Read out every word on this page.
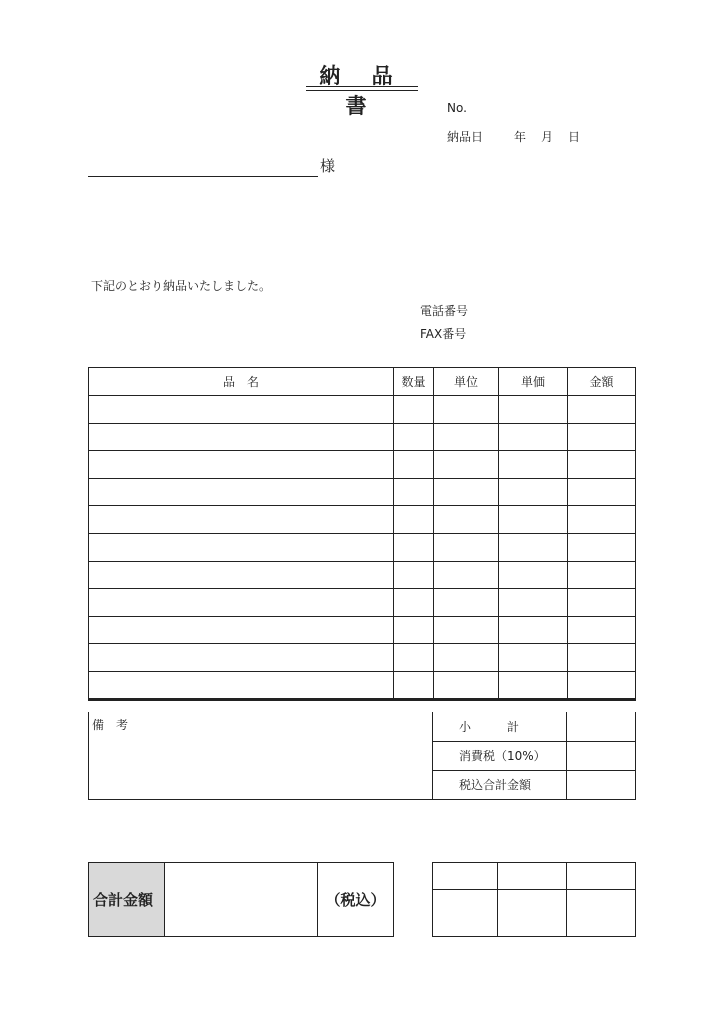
納 品 書	No.
納品日	年 月 日
様
下記のとおり納品いたしました。
電話番号
FAX番号
品　名	数量	単位	単価	金額

備考	小　　　計	
消費税（10%）	
税込合計金額	
合計金額		（税込）
